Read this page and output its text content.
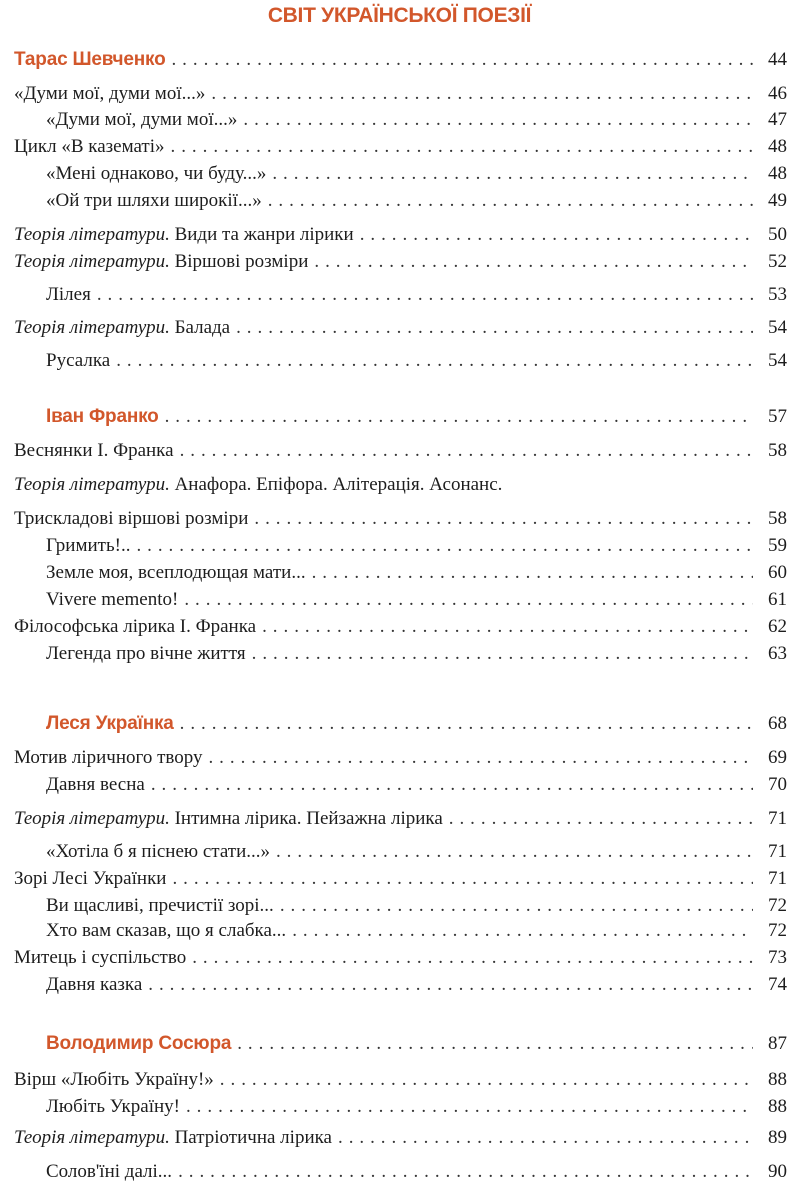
СВІТ УКРАЇНСЬКОЇ ПОЕЗІЇ
Тарас Шевченко . . .	44
«Думи мої, думи мої...» . . .	46
«Думи мої, думи мої...» . . .	47
Цикл «В казематі» . . .	48
«Мені однаково, чи буду...» . . .	48
«Ой три шляхи широкії...» . . .	49
Теорія літератури. Види та жанри лірики . . .	50
Теорія літератури. Віршові розміри . . .	52
Лілея . . .	53
Теорія літератури. Балада . . .	54
Русалка . . .	54
Іван Франко . . .	57
Веснянки І. Франка . . .	58
Теорія літератури. Анафора. Епіфора. Алітерація. Асонанс.
Трискладові віршові розміри . . .	58
Гримить!.. . . .	59
Земле моя, всеплодющая мати... . . .	60
Vivere memento! . . .	61
Філософська лірика І. Франка . . .	62
Легенда про вічне життя . . .	63
Леся Українка . . .	68
Мотив ліричного твору . . .	69
Давня весна . . .	70
Теорія літератури. Інтимна лірика. Пейзажна лірика . . .	71
«Хотіла б я піснею стати...» . . .	71
Зорі Лесі Українки . . .	71
Ви щасливі, пречистії зорі... . . .	72
Хто вам сказав, що я слабка... . . .	72
Митець і суспільство . . .	73
Давня казка . . .	74
Володимир Сосюра . . .	87
Вірш «Любіть Україну!» . . .	88
Любіть Україну! . . .	88
Теорія літератури. Патріотична лірика . . .	89
Солов'їні далі... . . .	90
